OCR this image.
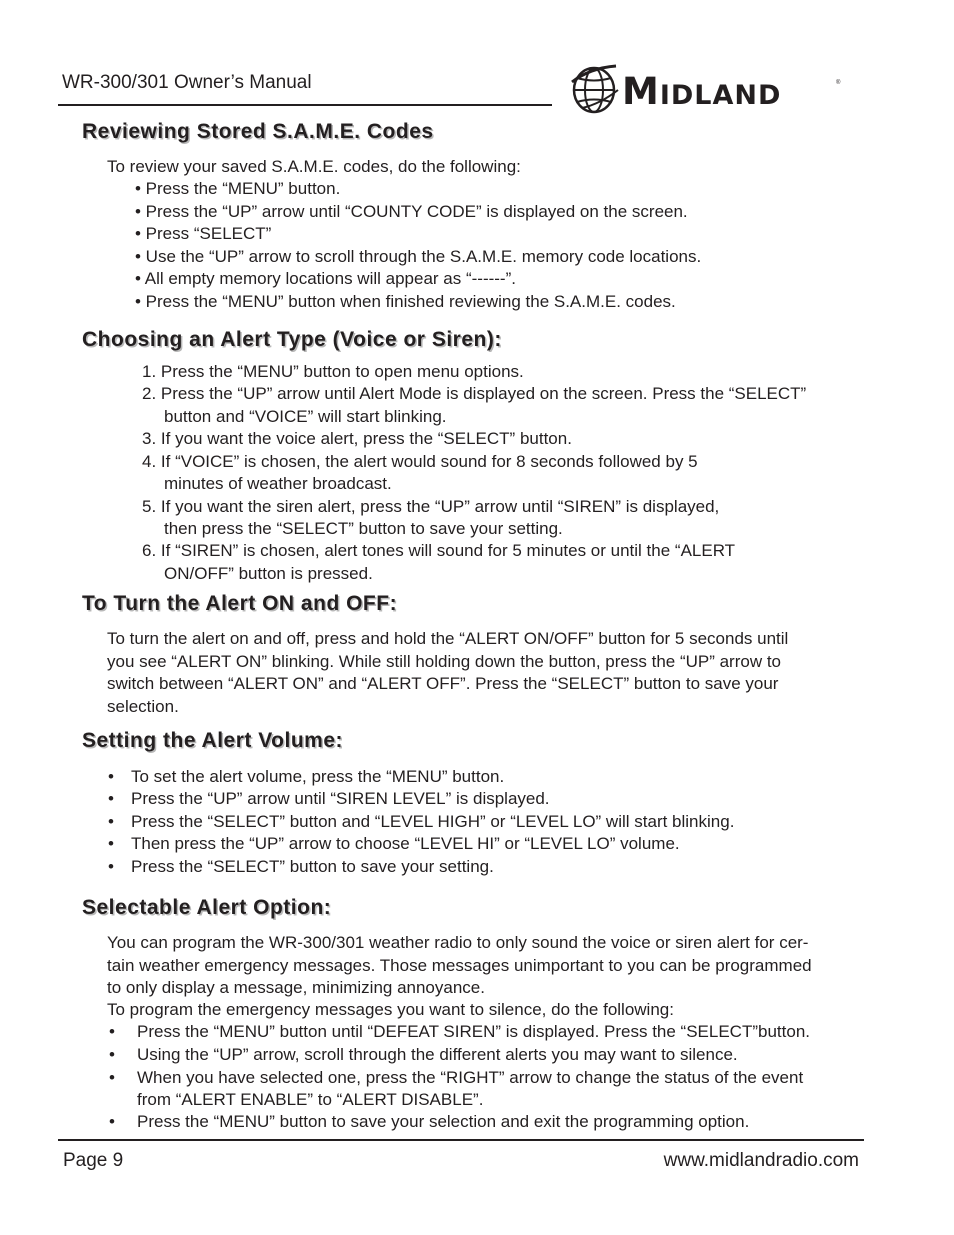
WR-300/301 Owner’s Manual	MIDLAND	®
Reviewing Stored S.A.M.E. Codes
To review your saved S.A.M.E. codes, do the following:
• Press the “MENU” button.
• Press the “UP” arrow until “COUNTY CODE” is displayed on the screen.
• Press “SELECT”
• Use the “UP” arrow to scroll through the S.A.M.E. memory code locations.
• All empty memory locations will appear as “------”.
• Press the “MENU” button when finished reviewing the S.A.M.E. codes.
Choosing an Alert Type (Voice or Siren):
1. Press the “MENU” button to open menu options.
2. Press the “UP” arrow until Alert Mode is displayed on the screen. Press the “SELECT”
button and “VOICE” will start blinking.
3. If you want the voice alert, press the “SELECT” button.
4. If “VOICE” is chosen, the alert would sound for 8 seconds followed by 5
minutes of weather broadcast.
5. If you want the siren alert, press the “UP” arrow until “SIREN” is displayed,
then press the “SELECT” button to save your setting.
6. If “SIREN” is chosen, alert tones will sound for 5 minutes or until the “ALERT
ON/OFF” button is pressed.
To Turn the Alert ON and OFF:
To turn the alert on and off, press and hold the “ALERT ON/OFF” button for 5 seconds until
you see “ALERT ON” blinking. While still holding down the button, press the “UP” arrow to
switch between “ALERT ON” and “ALERT OFF”. Press the “SELECT” button to save your
selection.
Setting the Alert Volume:
• To set the alert volume, press the “MENU” button.
• Press the “UP” arrow until “SIREN LEVEL” is displayed.
• Press the “SELECT” button and “LEVEL HIGH” or “LEVEL LO” will start blinking.
• Then press the “UP” arrow to choose “LEVEL HI” or “LEVEL LO” volume.
• Press the “SELECT” button to save your setting.
Selectable Alert Option:
You can program the WR-300/301 weather radio to only sound the voice or siren alert for cer-
tain weather emergency messages. Those messages unimportant to you can be programmed
to only display a message, minimizing annoyance.
To program the emergency messages you want to silence, do the following:
• Press the “MENU” button until “DEFEAT SIREN” is displayed. Press the “SELECT”button.
• Using the “UP” arrow, scroll through the different alerts you may want to silence.
• When you have selected one, press the “RIGHT” arrow to change the status of the event
from “ALERT ENABLE” to “ALERT DISABLE”.
• Press the “MENU” button to save your selection and exit the programming option.
Page 9	www.midlandradio.com
